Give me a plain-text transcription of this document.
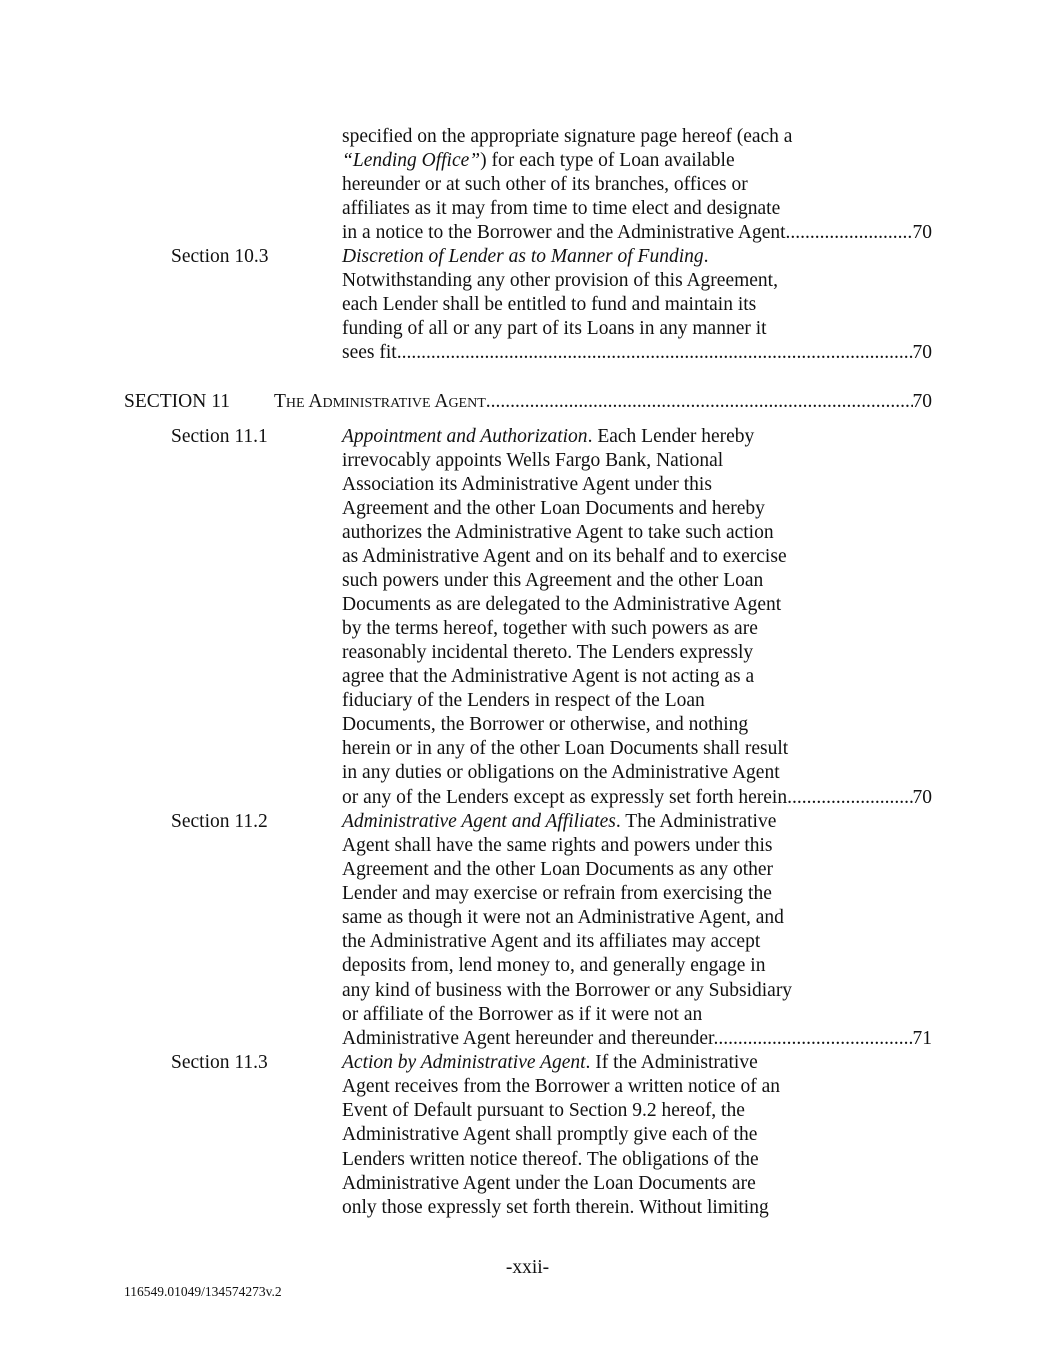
specified on the appropriate signature page hereof (each a
“Lending Office”) for each type of Loan available
hereunder or at such other of its branches, offices or
affiliates as it may from time to time elect and designate
in a notice to the Borrower and the Administrative Agent. .....	70
Section 10.3	Discretion of Lender as to Manner of Funding.
Notwithstanding any other provision of this Agreement,
each Lender shall be entitled to fund and maintain its
funding of all or any part of its Loans in any manner it
sees fit. .....	70
SECTION 11	The Administrative Agent. .....	70
Section 11.1	Appointment and Authorization. Each Lender hereby
irrevocably appoints Wells Fargo Bank, National
Association its Administrative Agent under this
Agreement and the other Loan Documents and hereby
authorizes the Administrative Agent to take such action
as Administrative Agent and on its behalf and to exercise
such powers under this Agreement and the other Loan
Documents as are delegated to the Administrative Agent
by the terms hereof, together with such powers as are
reasonably incidental thereto. The Lenders expressly
agree that the Administrative Agent is not acting as a
fiduciary of the Lenders in respect of the Loan
Documents, the Borrower or otherwise, and nothing
herein or in any of the other Loan Documents shall result
in any duties or obligations on the Administrative Agent
or any of the Lenders except as expressly set forth herein. .....	70
Section 11.2	Administrative Agent and Affiliates. The Administrative
Agent shall have the same rights and powers under this
Agreement and the other Loan Documents as any other
Lender and may exercise or refrain from exercising the
same as though it were not an Administrative Agent, and
the Administrative Agent and its affiliates may accept
deposits from, lend money to, and generally engage in
any kind of business with the Borrower or any Subsidiary
or affiliate of the Borrower as if it were not an
Administrative Agent hereunder and thereunder. .....	71
Section 11.3	Action by Administrative Agent. If the Administrative
Agent receives from the Borrower a written notice of an
Event of Default pursuant to Section 9.2 hereof, the
Administrative Agent shall promptly give each of the
Lenders written notice thereof. The obligations of the
Administrative Agent under the Loan Documents are
only those expressly set forth therein. Without limiting
-xxii-
116549.01049/134574273v.2
